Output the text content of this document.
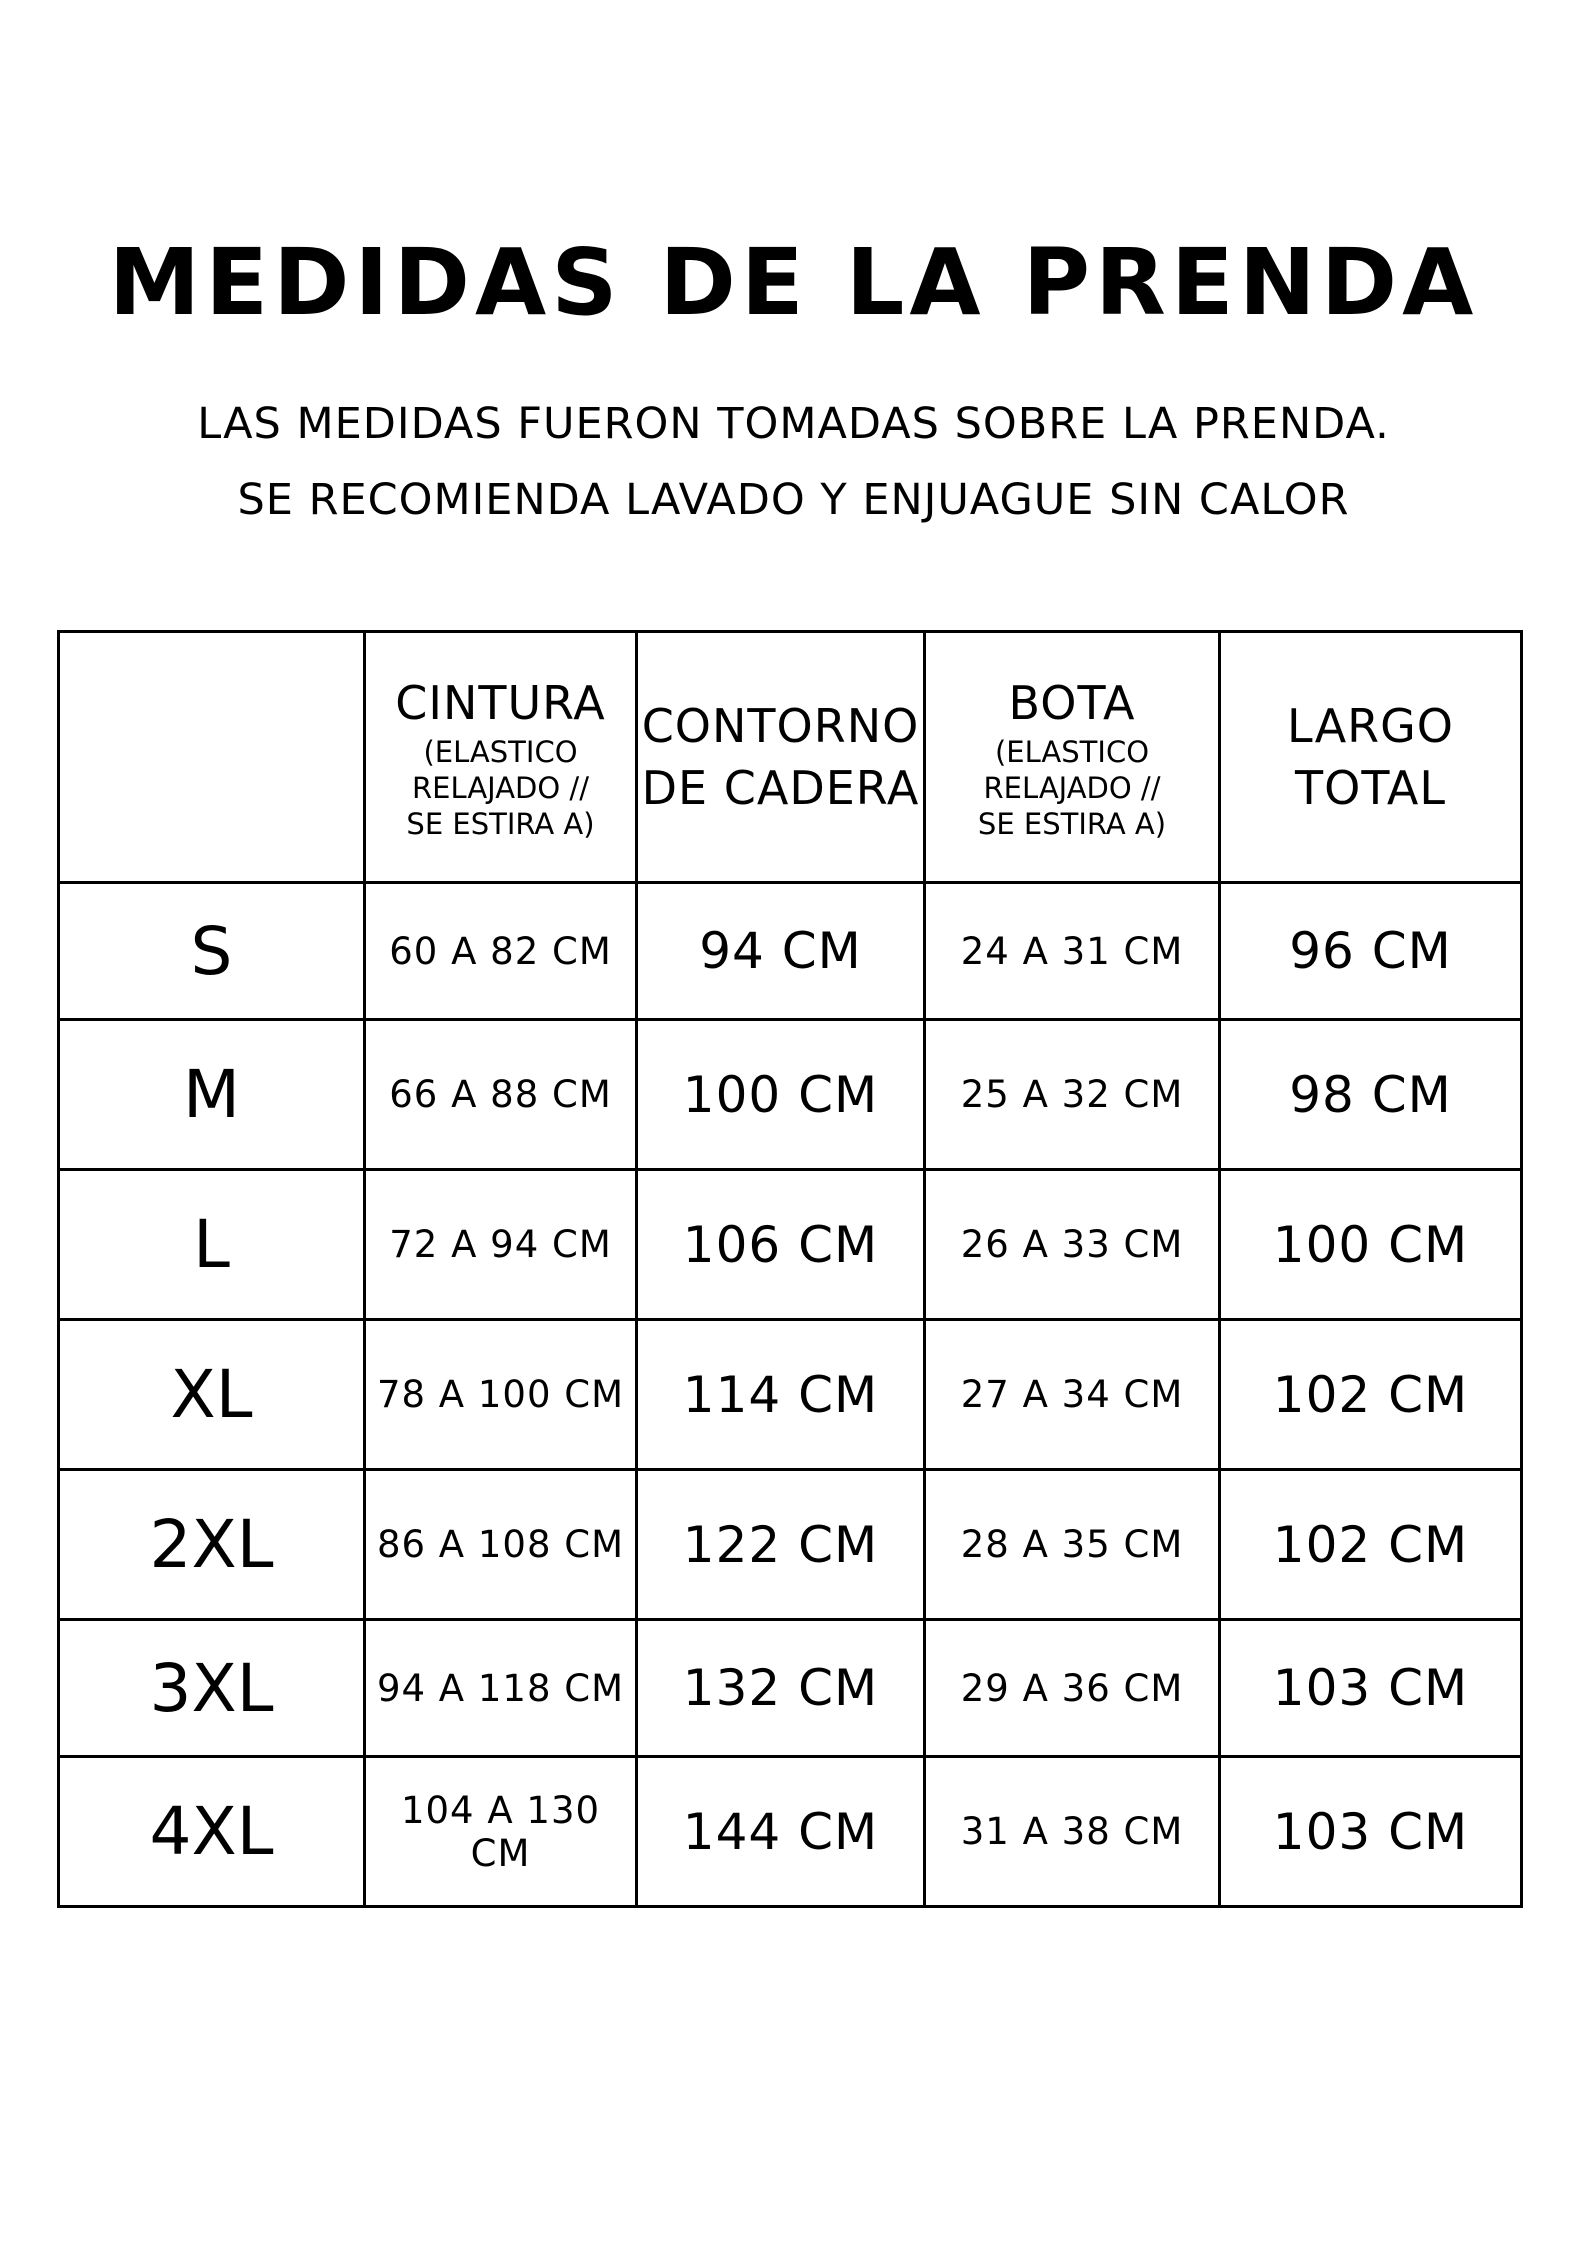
MEDIDAS DE LA PRENDA
LAS MEDIDAS FUERON TOMADAS SOBRE LA PRENDA.
SE RECOMIENDA LAVADO Y ENJUAGUE SIN CALOR

	CINTURA
(ELASTICO
RELAJADO //
SE ESTIRA A)	CONTORNO
DE CADERA	BOTA
(ELASTICO
RELAJADO //
SE ESTIRA A)	LARGO
TOTAL

S	60 A 82 CM	94 CM	24 A 31 CM	96 CM
M	66 A 88 CM	100 CM	25 A 32 CM	98 CM
L	72 A 94 CM	106 CM	26 A 33 CM	100 CM
XL	78 A 100 CM	114 CM	27 A 34 CM	102 CM
2XL	86 A 108 CM	122 CM	28 A 35 CM	102 CM
3XL	94 A 118 CM	132 CM	29 A 36 CM	103 CM
4XL	104 A 130 CM	144 CM	31 A 38 CM	103 CM
